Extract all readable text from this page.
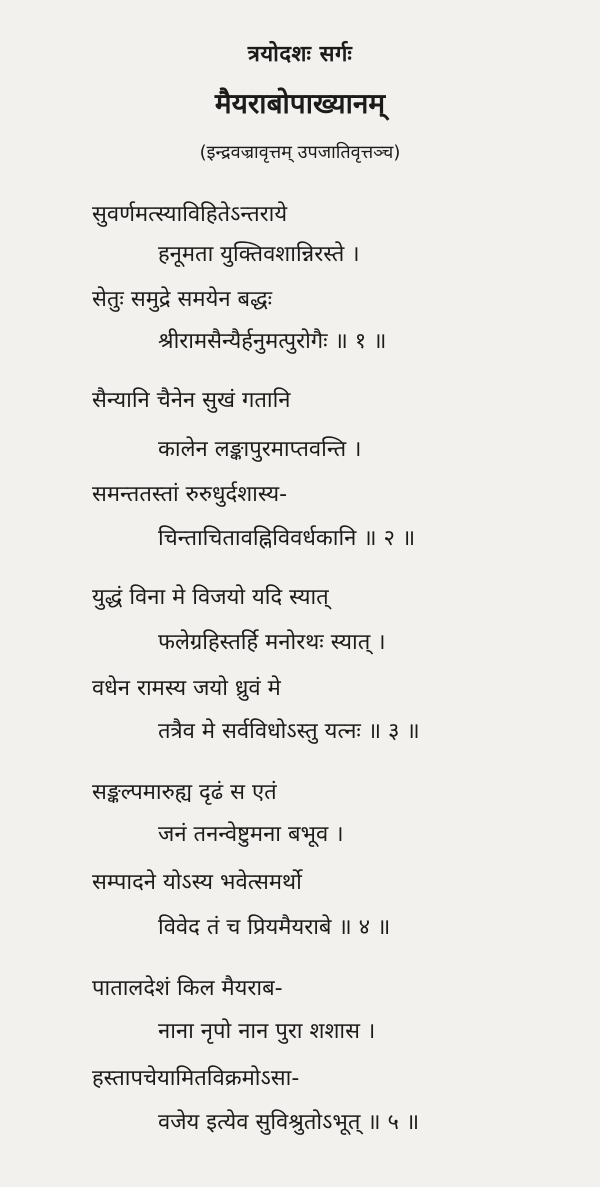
त्रयोदशः सर्गः
मैयराबोपाख्यानम्
(इन्द्रवज्रावृत्तम् उपजातिवृत्तञ्च)
सुवर्णमत्स्याविहितेऽन्तराये
हनूमता युक्तिवशान्निरस्ते ।
सेतुः समुद्रे समयेन बद्धः
श्रीरामसैन्यैर्हनुमत्पुरोगैः ॥ १ ॥
सैन्यानि चैनेन सुखं गतानि
कालेन लङ्कापुरमाप्तवन्ति ।
समन्ततस्तां रुरुधुर्दशास्य-
चिन्ताचितावह्निविवर्धकानि ॥ २ ॥
युद्धं विना मे विजयो यदि स्यात्
फलेग्रहिस्तर्हि मनोरथः स्यात् ।
वधेन रामस्य जयो ध्रुवं मे
तत्रैव मे सर्वविधोऽस्तु यत्नः ॥ ३ ॥
सङ्कल्पमारुह्य दृढं स एतं
जनं तनन्वेष्टुमना बभूव ।
सम्पादने योऽस्य भवेत्समर्थो
विवेद तं च प्रियमैयराबे ॥ ४ ॥
पातालदेशं किल मैयराब-
नाना नृपो नान पुरा शशास ।
हस्तापचेयामितविक्रमोऽसा-
वजेय इत्येव सुविश्रुतोऽभूत् ॥ ५ ॥
